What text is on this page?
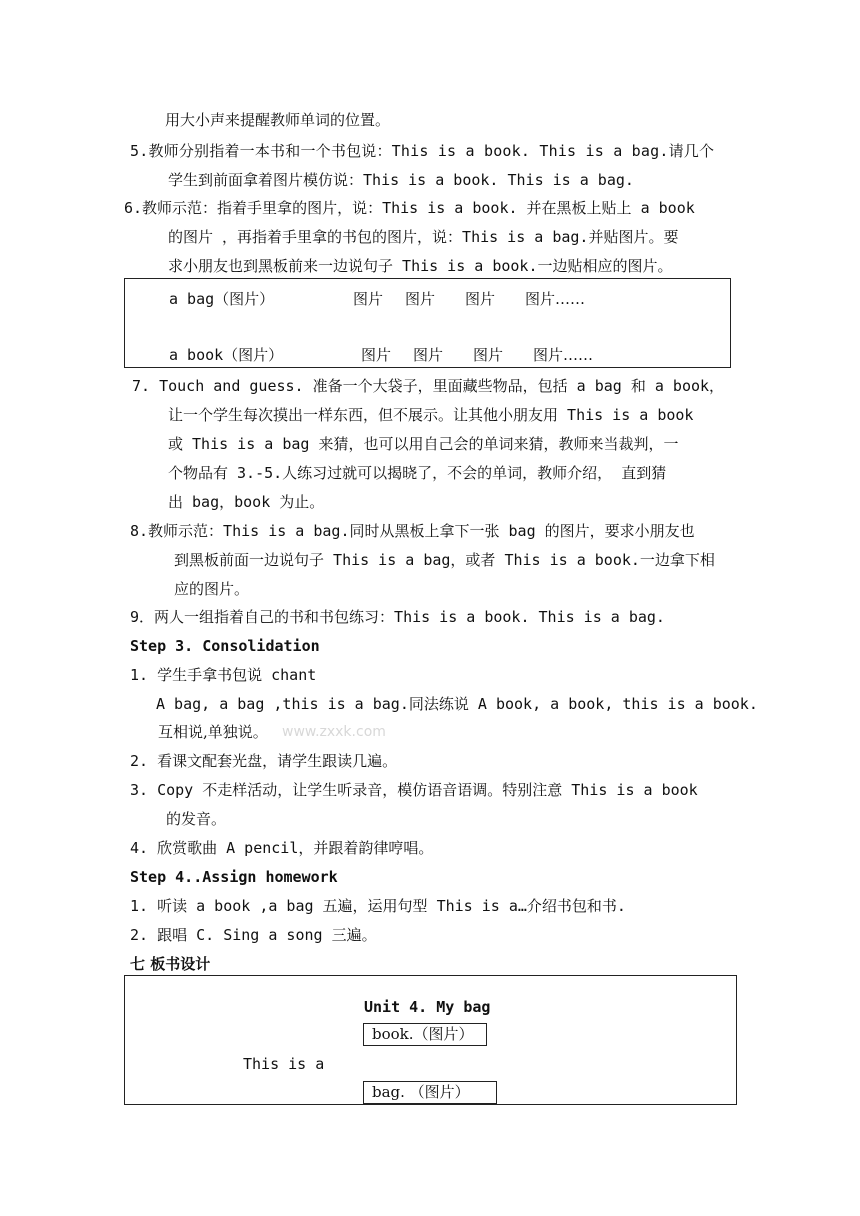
用大小声来提醒教师单词的位置。
5.教师分别指着一本书和一个书包说：This is a book. This is a bag.请几个
学生到前面拿着图片模仿说：This is a book. This is a bag.
6.教师示范：指着手里拿的图片，说：This is a book. 并在黑板上贴上 a book
的图片 ，再指着手里拿的书包的图片，说：This is a bag.并贴图片。要
求小朋友也到黑板前来一边说句子 This is a book.一边贴相应的图片。
a bag（图片）	图片 图片 图片 图片……
a book（图片）	图片 图片 图片 图片……
7. Touch and guess. 准备一个大袋子，里面藏些物品，包括 a bag 和 a book，
让一个学生每次摸出一样东西，但不展示。让其他小朋友用 This is a book
或 This is a bag 来猜，也可以用自己会的单词来猜，教师来当裁判，一
个物品有 3.-5.人练习过就可以揭晓了，不会的单词，教师介绍， 直到猜
出 bag，book 为止。
8.教师示范：This is a bag.同时从黑板上拿下一张 bag 的图片，要求小朋友也
到黑板前面一边说句子 This is a bag，或者 This is a book.一边拿下相
应的图片。
9．两人一组指着自己的书和书包练习：This is a book. This is a bag.
Step 3. Consolidation
1. 学生手拿书包说 chant
A bag, a bag ,this is a bag.同法练说 A book, a book, this is a book.
互相说,单独说。 www.zxxk.com
2. 看课文配套光盘，请学生跟读几遍。
3. Copy 不走样活动，让学生听录音，模仿语音语调。特别注意 This is a book
的发音。
4. 欣赏歌曲 A pencil，并跟着韵律哼唱。
Step 4..Assign homework
1. 听读 a book ,a bag 五遍，运用句型 This is a…介绍书包和书.
2. 跟唱 C. Sing a song 三遍。
七 板书设计
Unit 4. My bag
book.（图片）
This is a
bag. （图片）
